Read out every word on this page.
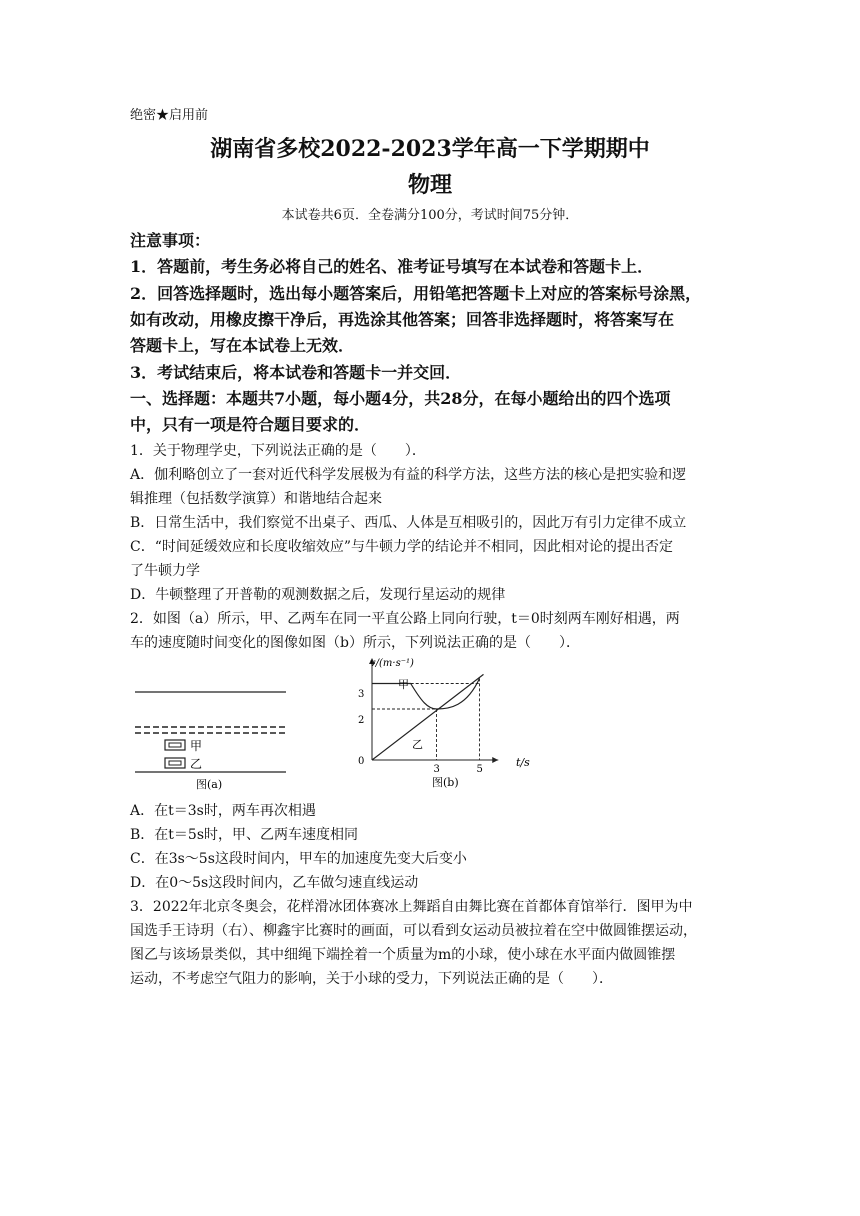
绝密★启用前
湖南省多校2022-2023学年高一下学期期中
物理
本试卷共6页．全卷满分100分，考试时间75分钟．
注意事项：
1．答题前，考生务必将自己的姓名、准考证号填写在本试卷和答题卡上．
2．回答选择题时，选出每小题答案后，用铅笔把答题卡上对应的答案标号涂黑，
如有改动，用橡皮擦干净后，再选涂其他答案；回答非选择题时，将答案写在
答题卡上，写在本试卷上无效．
3．考试结束后，将本试卷和答题卡一并交回．
一、选择题：本题共7小题，每小题4分，共28分，在每小题给出的四个选项
中，只有一项是符合题目要求的．
1．关于物理学史，下列说法正确的是（　　）．
A．伽利略创立了一套对近代科学发展极为有益的科学方法，这些方法的核心是把实验和逻
辑推理（包括数学演算）和谐地结合起来
B．日常生活中，我们察觉不出桌子、西瓜、人体是互相吸引的，因此万有引力定律不成立
C．“时间延缓效应和长度收缩效应”与牛顿力学的结论并不相同，因此相对论的提出否定
了牛顿力学
D．牛顿整理了开普勒的观测数据之后，发现行星运动的规律
2．如图（a）所示，甲、乙两车在同一平直公路上同向行驶，t＝0时刻两车刚好相遇，两
车的速度随时间变化的图像如图（b）所示，下列说法正确的是（　　）．
甲
乙
图(a)
v/(m·s⁻¹)
t/s
3
2
0
3	5
甲
乙
图(b)
A．在t＝3s时，两车再次相遇
B．在t＝5s时，甲、乙两车速度相同
C．在3s～5s这段时间内，甲车的加速度先变大后变小
D．在0～5s这段时间内，乙车做匀速直线运动
3．2022年北京冬奥会，花样滑冰团体赛冰上舞蹈自由舞比赛在首都体育馆举行．图甲为中
国选手王诗玥（右）、柳鑫宇比赛时的画面，可以看到女运动员被拉着在空中做圆锥摆运动，
图乙与该场景类似，其中细绳下端拴着一个质量为m的小球，使小球在水平面内做圆锥摆
运动，不考虑空气阻力的影响，关于小球的受力，下列说法正确的是（　　）．
